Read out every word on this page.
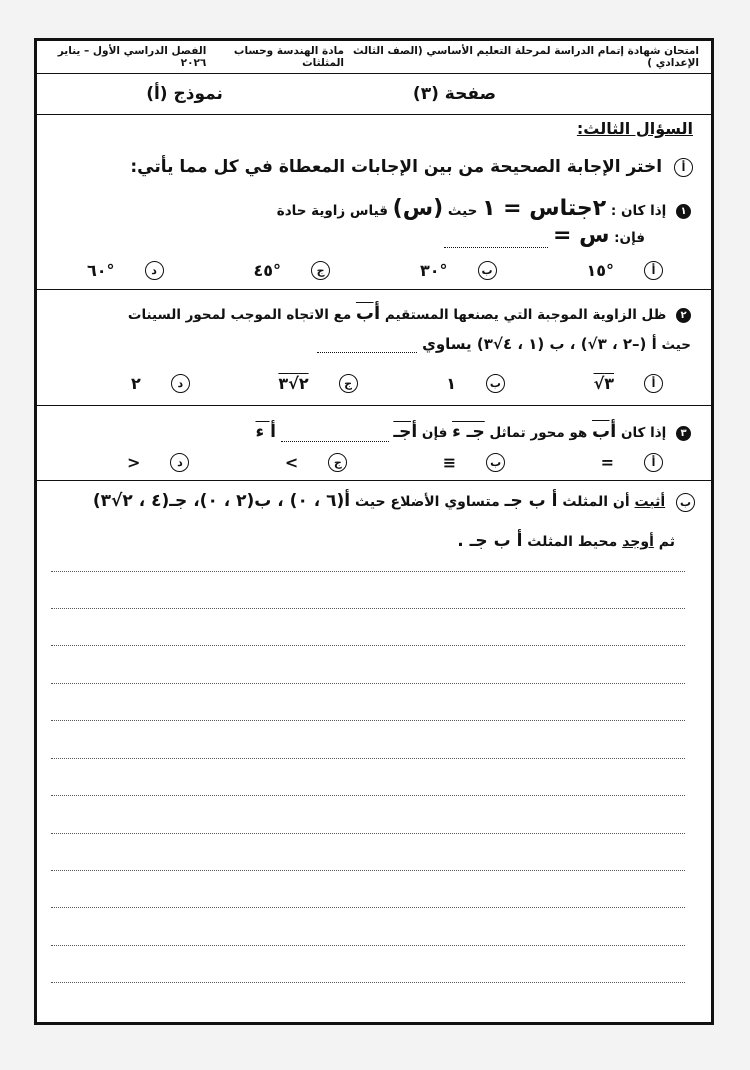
امتحان شهادة إتمام الدراسة لمرحلة التعليم الأساسي (الصف الثالث الإعدادي )
مادة الهندسة وحساب المثلثات
الفصل الدراسي الأول – يناير ٢٠٢٦
صفحة (٣)
نموذج (أ)
السؤال الثالث:
أ اختر الإجابة الصحيحة من بين الإجابات المعطاة في كل مما يأتي:
١ إذا كان : ٢جتاس = ١ حيث (س) قياس زاوية حادة
فإن: س =
أ
°١٥
ب
°٣٠
ج
°٤٥
د
°٦٠
٢ ظل الزاوية الموجبة التي يصنعها المستقيم أب مع الاتجاه الموجب لمحور السينات
حيث أ (–٢ ، ٣√) ، ب (١ ، ٤√٣) يساوي
أ
٣√
ب
١
ج
٢√٣
د
٢
٣ إذا كان أب هو محور تماثل جـ ء فإن أجـ  أ ء
أ
=
ب
≡
ج
>
د
<
ب أثبت أن المثلث أ ب جـ متساوي الأضلاع حيث أ(٦ ، ٠) ، ب(٢ ، ٠)، جـ(٤ ، ٢√٣)
ثم أوجد محيط المثلث أ ب جـ .
